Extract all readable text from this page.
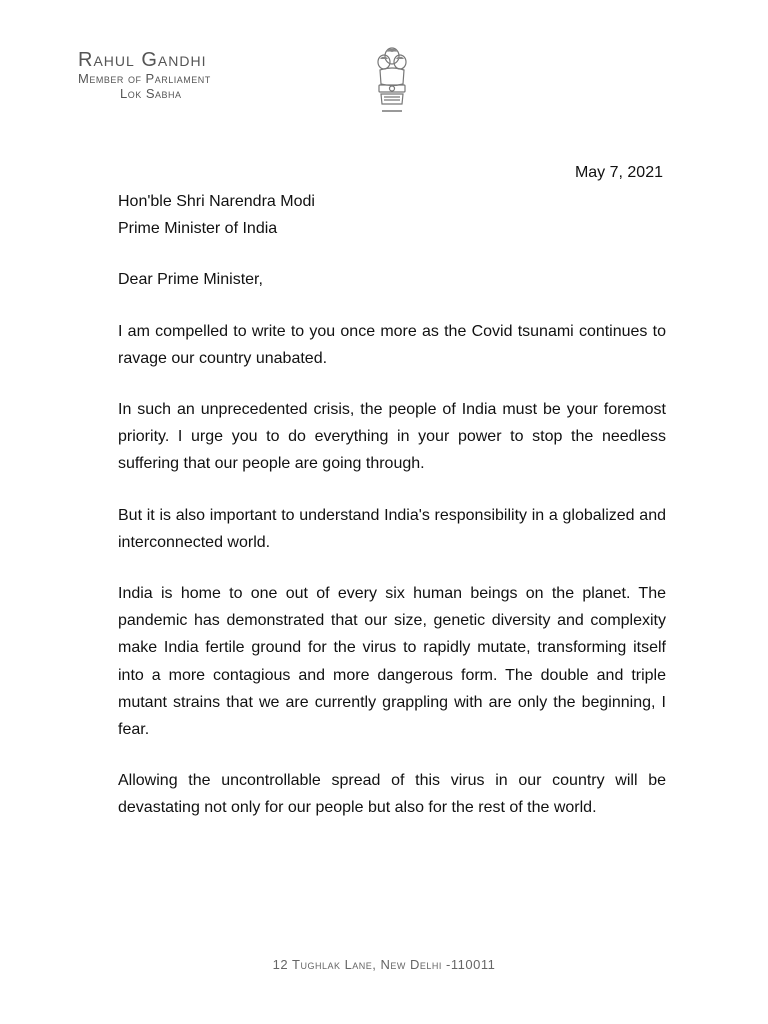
Rahul Gandhi
Member of Parliament
Lok Sabha
May 7, 2021
Hon'ble Shri Narendra Modi
Prime Minister of India
Dear Prime Minister,

I am compelled to write to you once more as the Covid tsunami continues to ravage our country unabated.

In such an unprecedented crisis, the people of India must be your foremost priority. I urge you to do everything in your power to stop the needless suffering that our people are going through.

But it is also important to understand India's responsibility in a globalized and interconnected world.

India is home to one out of every six human beings on the planet. The pandemic has demonstrated that our size, genetic diversity and complexity make India fertile ground for the virus to rapidly mutate, transforming itself into a more contagious and more dangerous form. The double and triple mutant strains that we are currently grappling with are only the beginning, I fear.

Allowing the uncontrollable spread of this virus in our country will be devastating not only for our people but also for the rest of the world.

12 Tughlak Lane, New Delhi -110011
